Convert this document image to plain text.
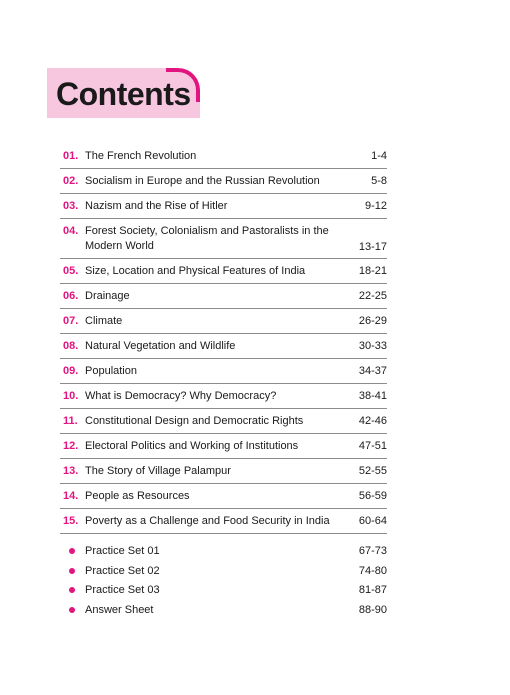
Contents
01. The French Revolution	1-4
02. Socialism in Europe and the Russian Revolution	5-8
03. Nazism and the Rise of Hitler	9-12
04. Forest Society, Colonialism and Pastoralists in the Modern World	13-17
05. Size, Location and Physical Features of India	18-21
06. Drainage	22-25
07. Climate	26-29
08. Natural Vegetation and Wildlife	30-33
09. Population	34-37
10. What is Democracy? Why Democracy?	38-41
11. Constitutional Design and Democratic Rights	42-46
12. Electoral Politics and Working of Institutions	47-51
13. The Story of Village Palampur	52-55
14. People as Resources	56-59
15. Poverty as a Challenge and Food Security in India	60-64
Practice Set 01	67-73
Practice Set 02	74-80
Practice Set 03	81-87
Answer Sheet	88-90
